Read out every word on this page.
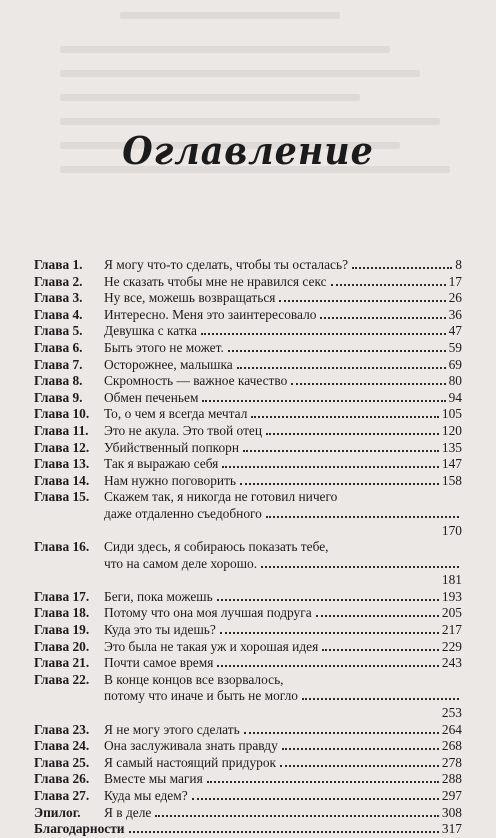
Оглавление
Глава 1.	Я могу что-то сделать, чтобы ты осталась?	8
Глава 2.	Не сказать чтобы мне не нравился секс	17
Глава 3.	Ну все, можешь возвращаться	26
Глава 4.	Интересно. Меня это заинтересовало	36
Глава 5.	Девушка с катка	47
Глава 6.	Быть этого не может.	59
Глава 7.	Осторожнее, малышка	69
Глава 8.	Скромность — важное качество	80
Глава 9.	Обмен печеньем	94
Глава 10.	То, о чем я всегда мечтал	105
Глава 11.	Это не акула. Это твой отец	120
Глава 12.	Убийственный попкорн	135
Глава 13.	Так я выражаю себя	147
Глава 14.	Нам нужно поговорить	158
Глава 15.	Скажем так, я никогда не готовил ничего
даже отдаленно съедобного
170
Глава 16.	Сиди здесь, я собираюсь показать тебе,
что на самом деле хорошо.
181
Глава 17.	Беги, пока можешь	193
Глава 18.	Потому что она моя лучшая подруга	205
Глава 19.	Куда это ты идешь?	217
Глава 20.	Это была не такая уж и хорошая идея	229
Глава 21.	Почти самое время	243
Глава 22.	В конце концов все взорвалось,
потому что иначе и быть не могло
253
Глава 23.	Я не могу этого сделать	264
Глава 24.	Она заслуживала знать правду	268
Глава 25.	Я самый настоящий придурок	278
Глава 26.	Вместе мы магия	288
Глава 27.	Куда мы едем?	297
Эпилог.	Я в деле	308
Благодарности	317
